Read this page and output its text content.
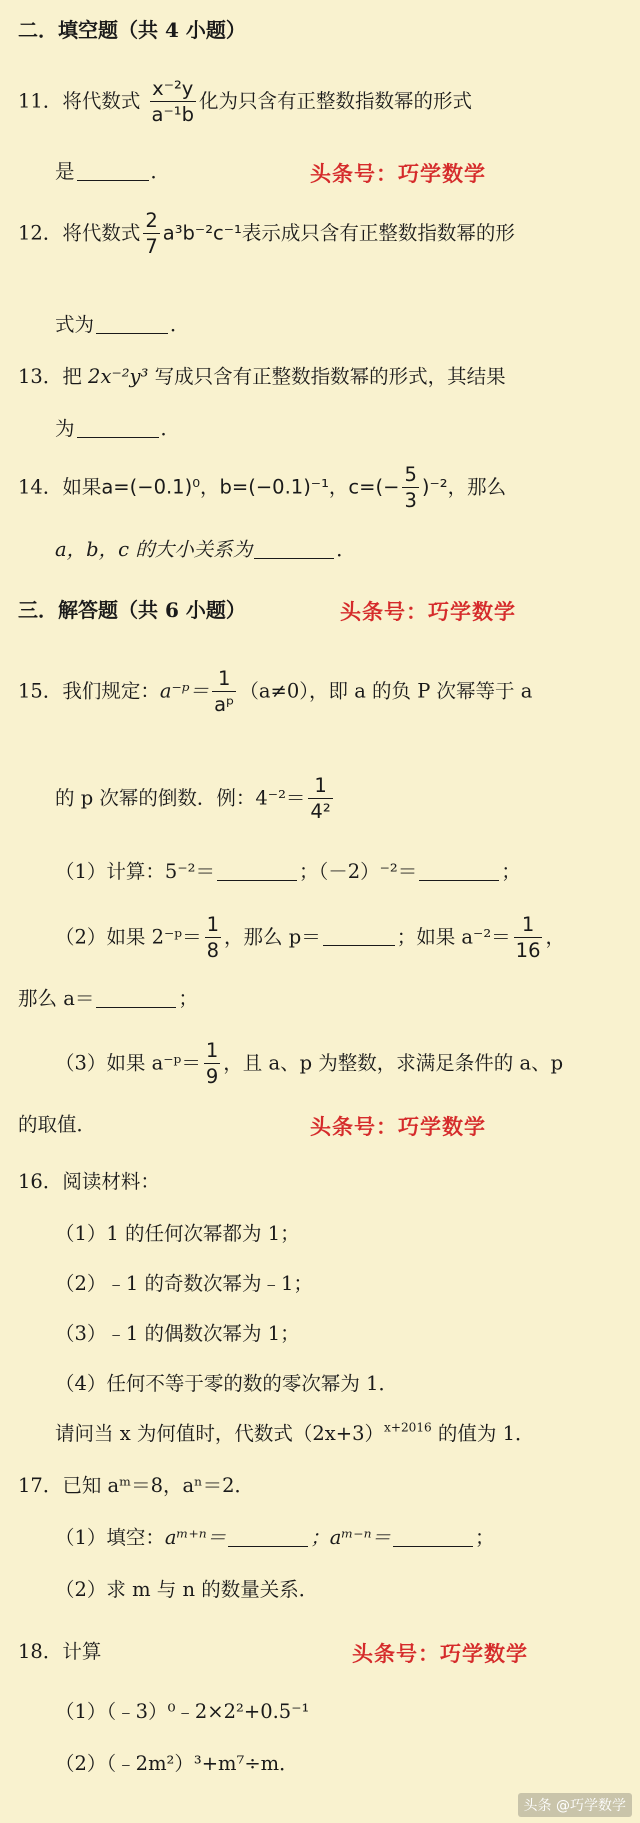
二．填空题（共 4 小题）
11．将代数式 $\frac{\text{x⁻²y}}{\text{a⁻¹b}}$ 化为只含有正整数指数幂的形式
是	．	头条号：巧学数学
12．将代数式 $\frac{2}{7} a^3b^{-2}c^{-1}$表示成只含有正整数指数幂的形
式为	．
13．把 2x⁻²y³ 写成只含有正整数指数幂的形式，其结果
为	．
14．如果a=(−0.1)⁰，b=(−0.1)⁻¹，$c=(- \frac{5}{3} )^{-2}$，那么
a，b，c 的大小关系为	．
三．解答题（共 6 小题）	头条号：巧学数学
15．我们规定：a⁻ᵖ＝ $\frac{1}{\text{aᵖ}} (a\ne 0)$，即 a 的负 P 次幂等于 a
的 p 次幂的倒数．例：$4^{-2}= \frac{1}{\text{4²}}$
（1）计算：5⁻²＝	；（－2）⁻²＝	；
（2）如果 2⁻ᵖ＝ $\frac{1}{8}$ ，那么 p＝	；如果 $a^{-2}= \frac{1}{16}$ ，
那么 a＝	；
（3）如果 a⁻ᵖ＝ $\frac{1}{9}$ ，且 a、p 为整数，求满足条件的 a、p
的取值．	头条号：巧学数学
16．阅读材料：
（1）1 的任何次幂都为 1；
（2）﹣1 的奇数次幂为﹣1；
（3）﹣1 的偶数次幂为 1；
（4）任何不等于零的数的零次幂为 1．
请问当 x 为何值时，代数式$(2x+3)^{x+2016}$ 的值为 1．
17．已知 aᵐ＝8，aⁿ＝2．
（1）填空：aᵐ⁺ⁿ＝	；aᵐ⁻ⁿ＝	；
（2）求 m 与 n 的数量关系．
18．计算	头条号：巧学数学
（1）（﹣3）⁰﹣2×2²+0.5⁻¹
（2）（﹣2m²）³+m⁷÷m．
头条 @巧学数学
